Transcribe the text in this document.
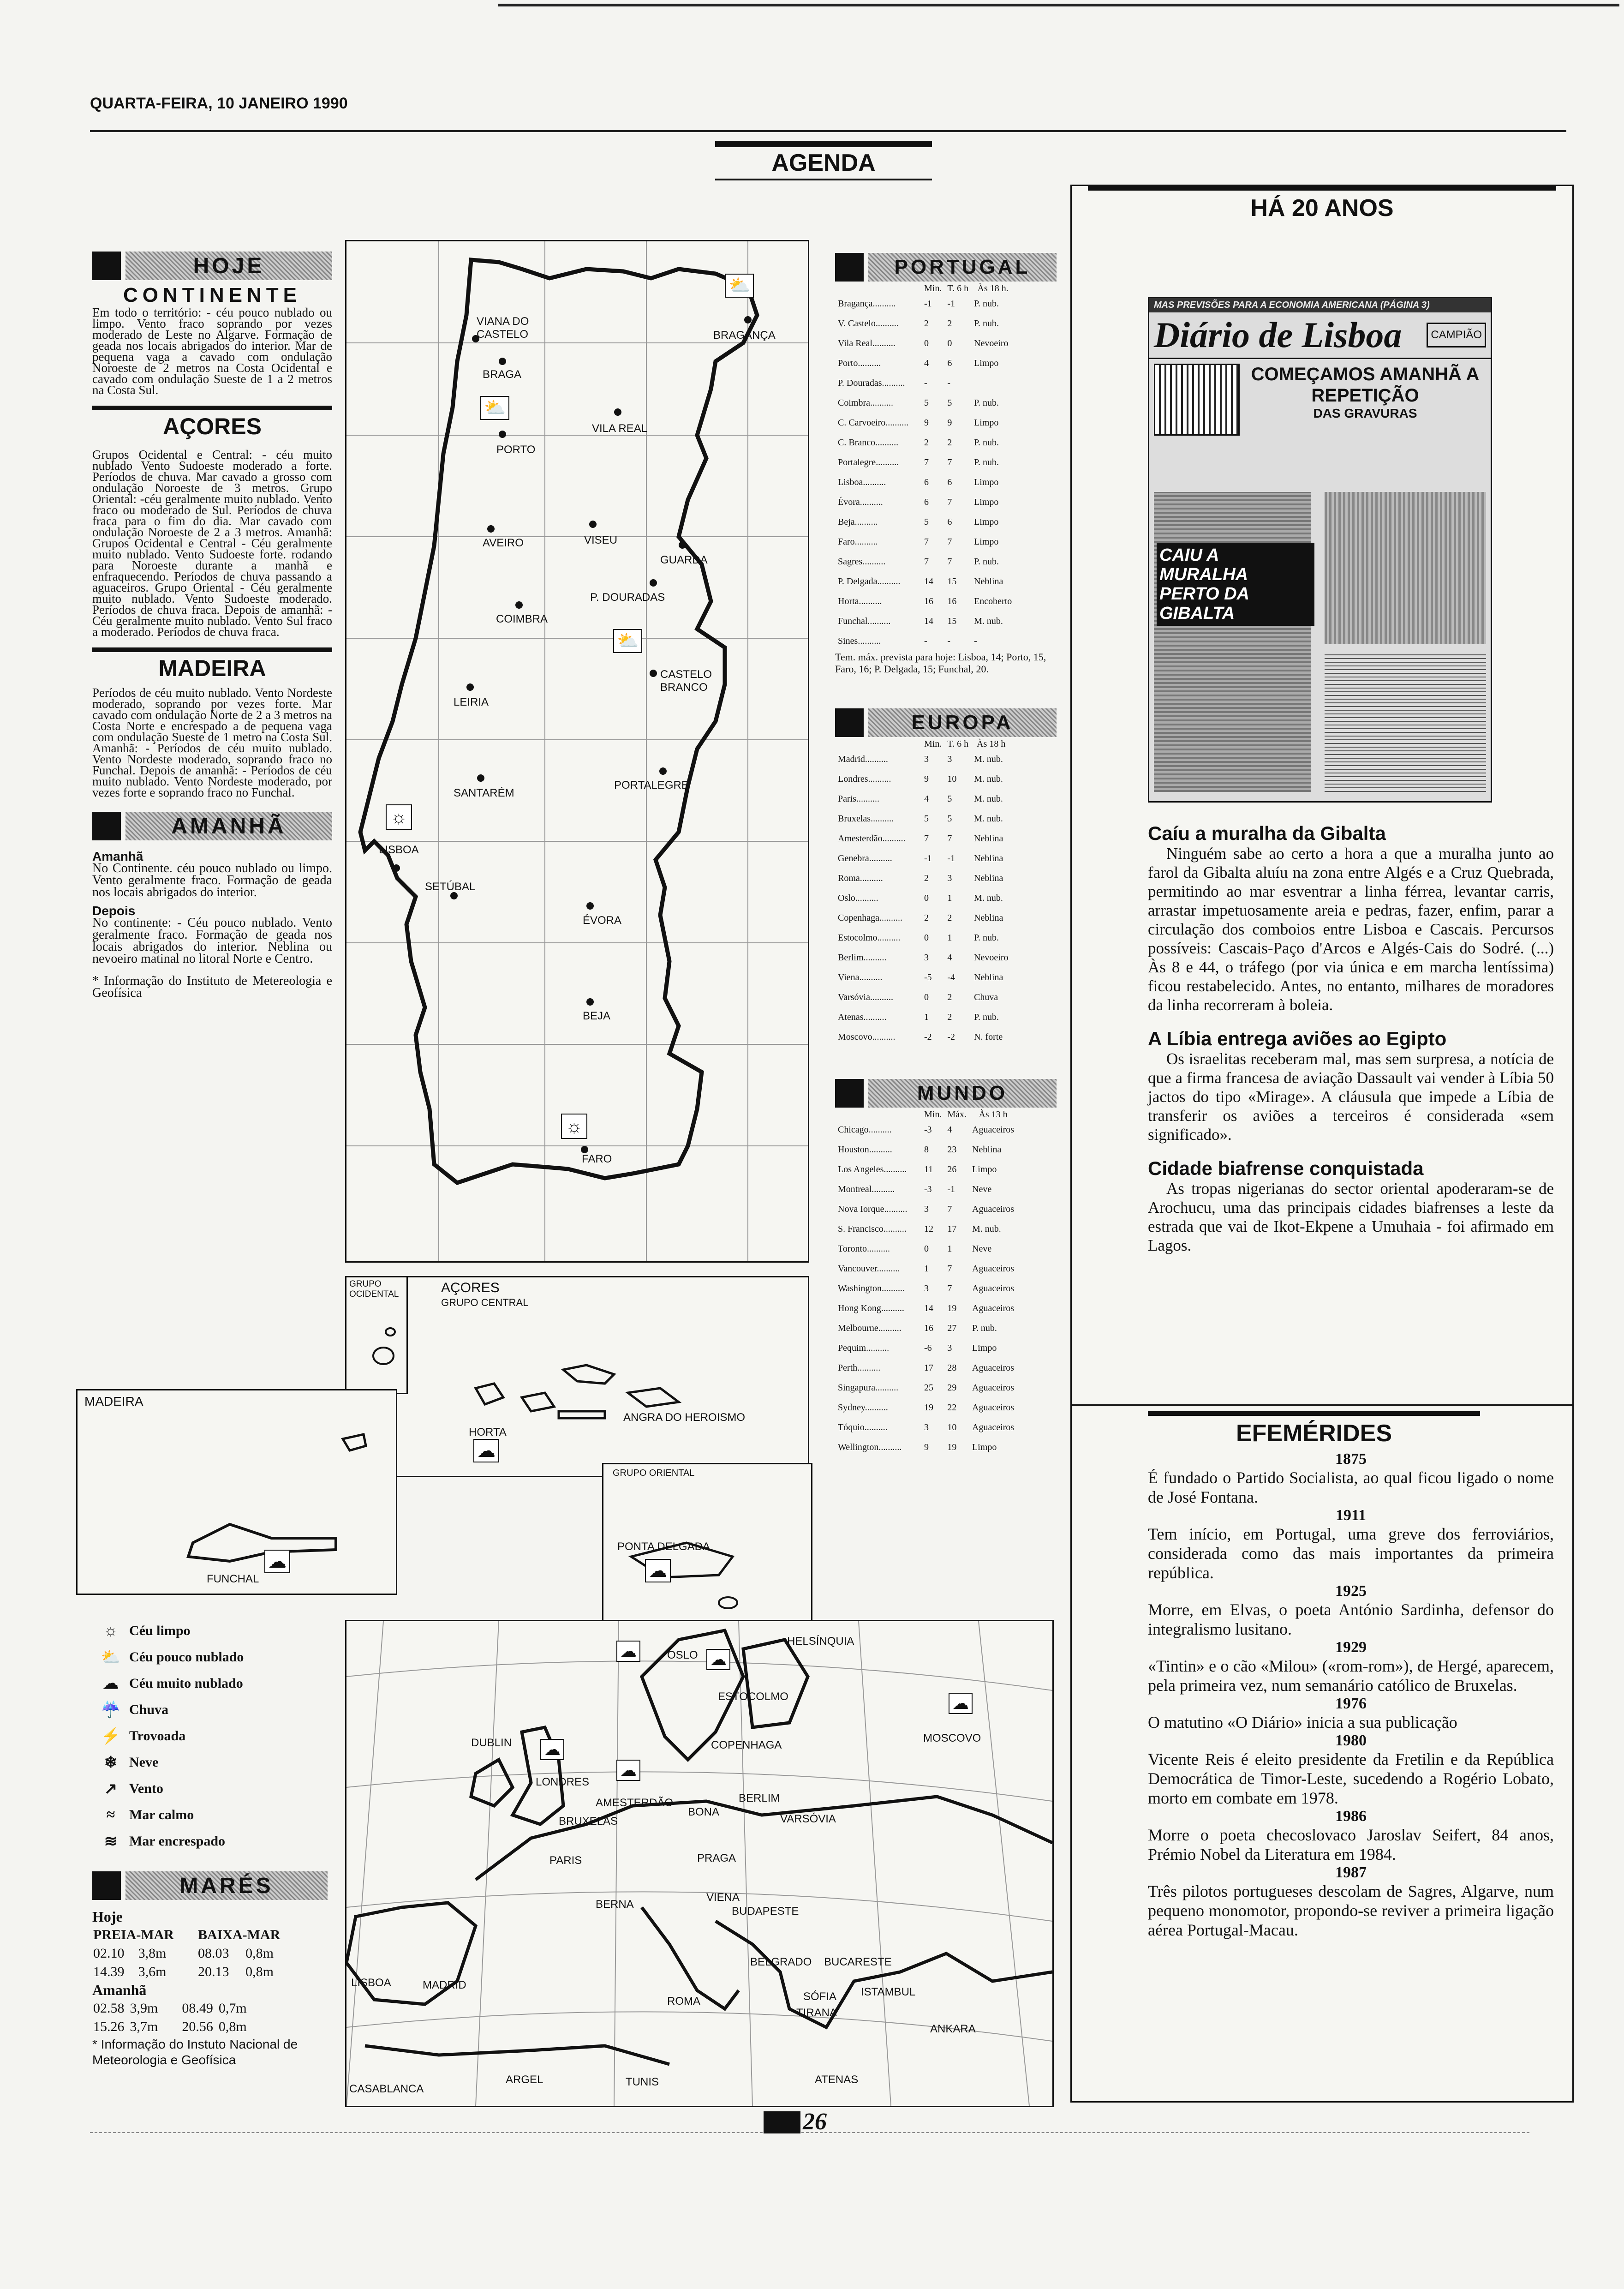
QUARTA-FEIRA, 10 JANEIRO 1990
AGENDA
HOJE
CONTINENTE
Em todo o território: - céu pouco nublado ou limpo. Vento fraco soprando por vezes moderado de Leste no Algarve. Formação de geada nos locais abrigados do interior. Mar de pequena vaga a cavado com ondulação Noroeste de 2 metros na Costa Ocidental e cavado com ondulação Sueste de 1 a 2 metros na Costa Sul.
AÇORES
Grupos Ocidental e Central: - céu muito nublado Vento Sudoeste moderado a forte. Períodos de chuva. Mar cavado a grosso com ondulação Noroeste de 3 metros. Grupo Oriental: -céu geralmente muito nublado. Vento fraco ou moderado de Sul. Períodos de chuva fraca para o fim do dia. Mar cavado com ondulação Noroeste de 2 a 3 metros. Amanhã: Grupos Ocidental e Central - Céu geralmente muito nublado. Vento Sudoeste forte. rodando para Noroeste durante a manhã e enfraquecendo. Períodos de chuva passando a aguaceiros. Grupo Oriental - Céu geralmente muito nublado. Vento Sudoeste moderado. Períodos de chuva fraca. Depois de amanhã: - Céu geralmente muito nublado. Vento Sul fraco a moderado. Períodos de chuva fraca.
MADEIRA
Períodos de céu muito nublado. Vento Nordeste moderado, soprando por vezes forte. Mar cavado com ondulação Norte de 2 a 3 metros na Costa Norte e encrespado a de pequena vaga com ondulação Sueste de 1 metro na Costa Sul. Amanhã: - Períodos de céu muito nublado. Vento Nordeste moderado, soprando fraco no Funchal. Depois de amanhã: - Períodos de céu muito nublado. Vento Nordeste moderado, por vezes forte e soprando fraco no Funchal.
AMANHÃ
Amanhã
No Continente. céu pouco nublado ou limpo. Vento geralmente fraco. Formação de geada nos locais abrigados do interior.
Depois
No continente: - Céu pouco nublado. Vento geralmente fraco. Formação de geada nos locais abrigados do interior. Neblina ou nevoeiro matinal no litoral Norte e Centro.
* Informação do Instituto de Metereologia e Geofísica
VIANA DO CASTELO
BRAGA
BRAGANÇA
PORTO
VILA REAL
AVEIRO	VISEU
GUARDA
P. DOURADAS
COIMBRA
CASTELO BRANCO
LEIRIA
SANTARÉM
PORTALEGRE
LISBOA
SETÚBAL
ÉVORA
BEJA
FARO
☼
☼
⛅
⛅
⛅
GRUPO OCIDENTAL	AÇORES
GRUPO CENTRAL
ANGRA DO HEROISMO
HORTA
☁
GRUPO ORIENTAL
PONTA DELGADA
☁
MADEIRA
FUNCHAL
☁
☼ Céu limpo
⛅ Céu pouco nublado
☁ Céu muito nublado
☔ Chuva
⚡ Trovoada
❄ Neve
↗ Vento
≈	Mar calmo
≋ Mar encrespado
MARÉS
Hoje
PREIA-MAR		BAIXA-MAR	
02.10	3,8m	08.03	0,8m
14.39	3,6m	20.13	0,8m
Amanhã
02.58	3,9m	08.49	0,7m
15.26	3,7m	20.56	0,8m
* Informação do Instuto Nacional de Meteorologia e Geofísica
OSLO
HELSÍNQUIA
ESTOCOLMO
DUBLIN	COPENHAGA
MOSCOVO
LONDRES
AMESTERDÃO	BERLIM
BRUXELAS
BONA
VARSÓVIA
PARIS	PRAGA
BERNA
VIENA
BUDAPESTE
BELGRADO BUCARESTE
LISBOA	MADRID
ROMA	SÓFIA ISTAMBUL
TIRANA
ANKARA
ARGEL	TUNIS	ATENAS
CASABLANCA
☁
☁
☁
☁
☁
PORTUGAL
	Min.	T. 6 h	Às 18 h.
Bragança..........	-1	-1	P. nub.
V. Castelo..........	2	2	P. nub.
Vila Real..........	0	0	Nevoeiro
Porto..........	4	6	Limpo
P. Douradas..........	-	-	
Coimbra..........	5	5	P. nub.
C. Carvoeiro..........	9	9	Limpo
C. Branco..........	2	2	P. nub.
Portalegre..........	7	7	P. nub.
Lisboa..........	6	6	Limpo
Évora..........	6	7	Limpo
Beja..........	5	6	Limpo
Faro..........	7	7	Limpo
Sagres..........	7	7	P. nub.
P. Delgada..........	14	15	Neblina
Horta..........	16	16	Encoberto
Funchal..........	14	15	M. nub.
Sines..........	-	-	-
Tem. máx. prevista para hoje: Lisboa, 14; Porto, 15, Faro, 16; P. Delgada, 15; Funchal, 20.
EUROPA
	Min.	T. 6 h	Às 18 h
Madrid..........	3	3	M. nub.
Londres..........	9	10	M. nub.
Paris..........	4	5	M. nub.
Bruxelas..........	5	5	M. nub.
Amesterdão..........	7	7	Neblina
Genebra..........	-1	-1	Neblina
Roma..........	2	3	Neblina
Oslo..........	0	1	M. nub.
Copenhaga..........	2	2	Neblina
Estocolmo..........	0	1	P. nub.
Berlim..........	3	4	Nevoeiro
Viena..........	-5	-4	Neblina
Varsóvia..........	0	2	Chuva
Atenas..........	1	2	P. nub.
Moscovo..........	-2	-2	N. forte
MUNDO
	Min.	Máx.	Às 13 h
Chicago..........	-3	4	Aguaceiros
Houston..........	8	23	Neblina
Los Angeles..........	11	26	Limpo
Montreal..........	-3	-1	Neve
Nova Iorque..........	3	7	Aguaceiros
S. Francisco..........	12	17	M. nub.
Toronto..........	0	1	Neve
Vancouver..........	1	7	Aguaceiros
Washington..........	3	7	Aguaceiros
Hong Kong..........	14	19	Aguaceiros
Melbourne..........	16	27	P. nub.
Pequim..........	-6	3	Limpo
Perth..........	17	28	Aguaceiros
Singapura..........	25	29	Aguaceiros
Sydney..........	19	22	Aguaceiros
Tóquio..........	3	10	Aguaceiros
Wellington..........	9	19	Limpo
HÁ 20 ANOS
MAS PREVISÕES PARA A ECONOMIA AMERICANA (PÁGINA 3)
Diário de Lisboa	CAMPIÃO
COMEÇAMOS AMANHÃ A REPETIÇÃO
DAS GRAVURAS
CAIU A MURALHA PERTO DA GIBALTA
Caíu a muralha da Gibalta

Ninguém sabe ao certo a hora a que a muralha junto ao farol da Gibalta aluíu na zona entre Algés e a Cruz Quebrada, permitindo ao mar esventrar a linha férrea, levantar carris, arrastar impetuosamente areia e pedras, fazer, enfim, parar a circulação dos comboios entre Lisboa e Cascais. Percursos possíveis: Cascais-Paço d'Arcos e Algés-Cais do Sodré. (...) Às 8 e 44, o tráfego (por via única e em marcha lentíssima) ficou restabelecido. Antes, no entanto, milhares de moradores da linha recorreram à boleia.

A Líbia entrega aviões ao Egipto

Os israelitas receberam mal, mas sem surpresa, a notícia de que a firma francesa de aviação Dassault vai vender à Líbia 50 jactos do tipo «Mirage». A cláusula que impede a Líbia de transferir os aviões a terceiros é considerada «sem significado».

Cidade biafrense conquistada

As tropas nigerianas do sector oriental apoderaram-se de Arochucu, uma das principais cidades biafrenses a leste da estrada que vai de Ikot-Ekpene a Umuhaia - foi afirmado em Lagos.

EFEMÉRIDES
1875
É fundado o Partido Socialista, ao qual ficou ligado o nome de José Fontana.
1911
Tem início, em Portugal, uma greve dos ferroviários, considerada como das mais importantes da primeira república.
1925
Morre, em Elvas, o poeta António Sardinha, defensor do integralismo lusitano.
1929
«Tintin» e o cão «Milou» («rom-rom»), de Hergé, aparecem, pela primeira vez, num semanário católico de Bruxelas.
1976
O matutino «O Diário» inicia a sua publicação
1980
Vicente Reis é eleito presidente da Fretilin e da República Democrática de Timor-Leste, sucedendo a Rogério Lobato, morto em combate em 1978.
1986
Morre o poeta checoslovaco Jaroslav Seifert, 84 anos, Prémio Nobel da Literatura em 1984.
1987
Três pilotos portugueses descolam de Sagres, Algarve, num pequeno monomotor, propondo-se reviver a primeira ligação aérea Portugal-Macau.
26
